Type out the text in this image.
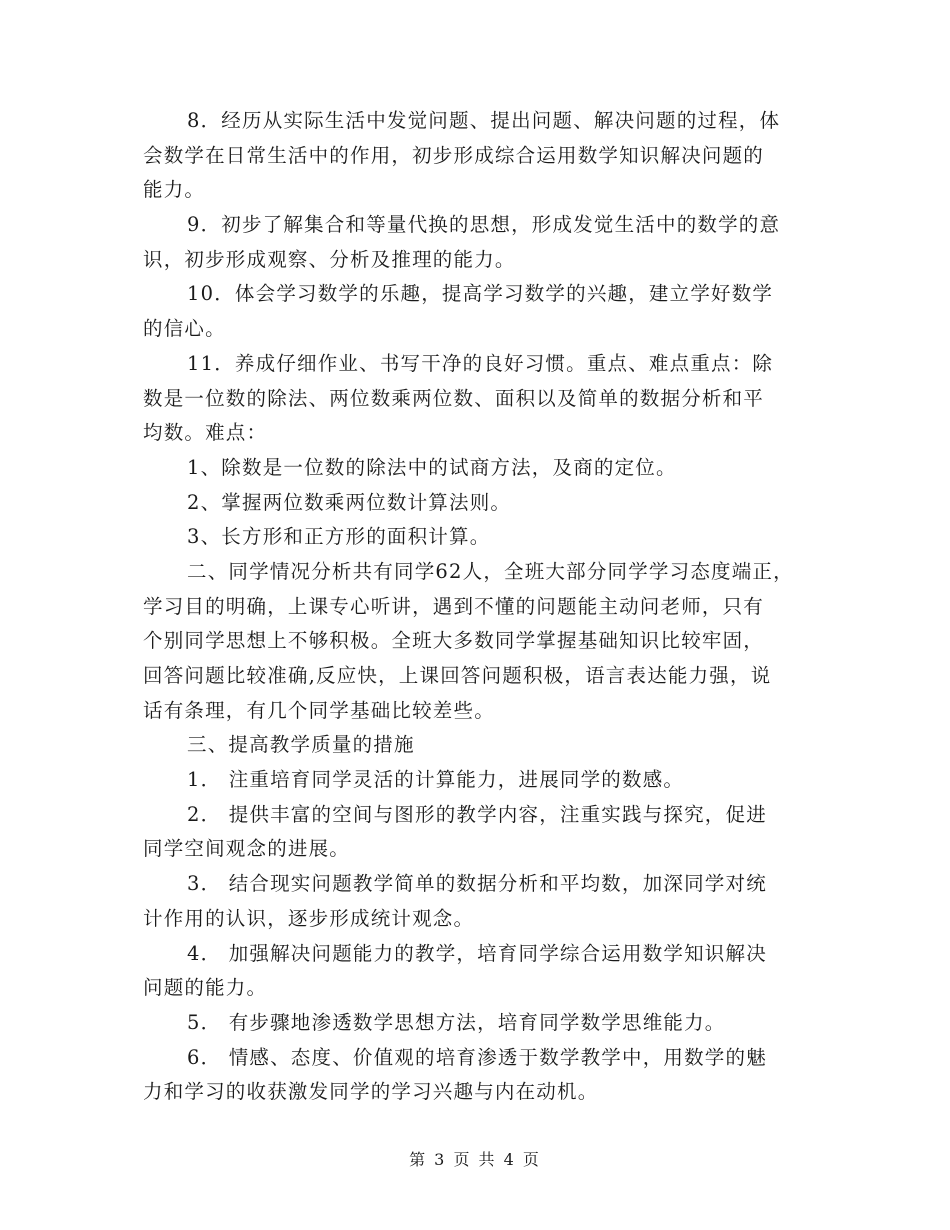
8．经历从实际生活中发觉问题、提出问题、解决问题的过程，体
会数学在日常生活中的作用，初步形成综合运用数学知识解决问题的
能力。
9．初步了解集合和等量代换的思想，形成发觉生活中的数学的意
识，初步形成观察、分析及推理的能力。
10．体会学习数学的乐趣，提高学习数学的兴趣，建立学好数学
的信心。
11．养成仔细作业、书写干净的良好习惯。重点、难点重点：除
数是一位数的除法、两位数乘两位数、面积以及简单的数据分析和平
均数。难点：
1、除数是一位数的除法中的试商方法，及商的定位。
2、掌握两位数乘两位数计算法则。
3、长方形和正方形的面积计算。
二、同学情况分析共有同学62人，全班大部分同学学习态度端正，
学习目的明确，上课专心听讲，遇到不懂的问题能主动问老师，只有
个别同学思想上不够积极。全班大多数同学掌握基础知识比较牢固，
回答问题比较准确,反应快，上课回答问题积极，语言表达能力强，说
话有条理，有几个同学基础比较差些。
三、提高教学质量的措施
1． 注重培育同学灵活的计算能力，进展同学的数感。
2． 提供丰富的空间与图形的教学内容，注重实践与探究，促进
同学空间观念的进展。
3． 结合现实问题教学简单的数据分析和平均数，加深同学对统
计作用的认识，逐步形成统计观念。
4． 加强解决问题能力的教学，培育同学综合运用数学知识解决
问题的能力。
5． 有步骤地渗透数学思想方法，培育同学数学思维能力。
6． 情感、态度、价值观的培育渗透于数学教学中，用数学的魅
力和学习的收获激发同学的学习兴趣与内在动机。
第 3 页 共 4 页
